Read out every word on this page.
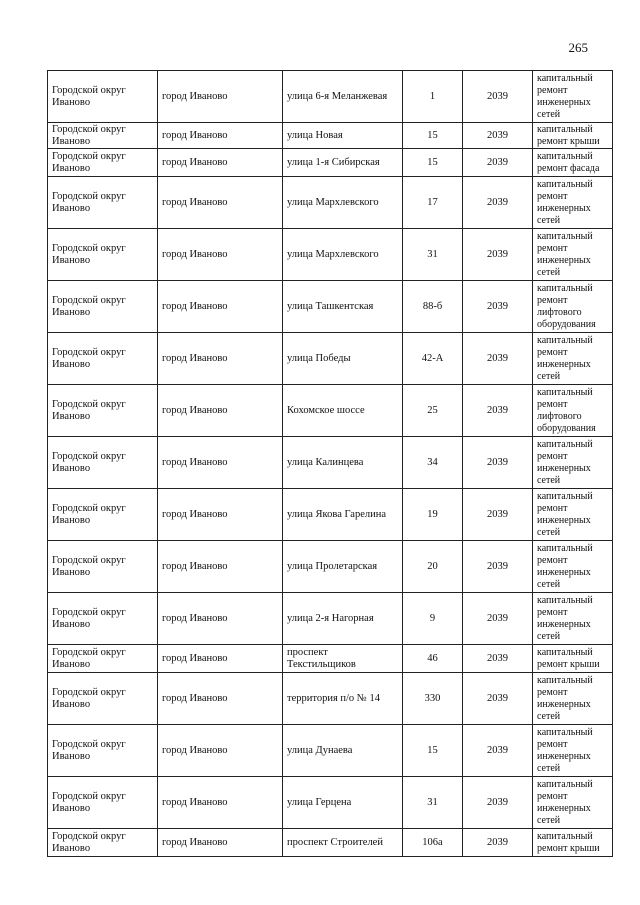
265
Городской округ Иваново	город Иваново	улица 6-я Меланжевая	1	2039	капитальный ремонт инженерных сетей
Городской округ Иваново	город Иваново	улица Новая	15	2039	капитальный ремонт крыши
Городской округ Иваново	город Иваново	улица 1-я Сибирская	15	2039	капитальный ремонт фасада
Городской округ Иваново	город Иваново	улица Мархлевского	17	2039	капитальный ремонт инженерных сетей
Городской округ Иваново	город Иваново	улица Мархлевского	31	2039	капитальный ремонт инженерных сетей
Городской округ Иваново	город Иваново	улица Ташкентская	88-б	2039	капитальный ремонт лифтового оборудования
Городской округ Иваново	город Иваново	улица Победы	42-А	2039	капитальный ремонт инженерных сетей
Городской округ Иваново	город Иваново	Кохомское шоссе	25	2039	капитальный ремонт лифтового оборудования
Городской округ Иваново	город Иваново	улица Калинцева	34	2039	капитальный ремонт инженерных сетей
Городской округ Иваново	город Иваново	улица Якова Гарелина	19	2039	капитальный ремонт инженерных сетей
Городской округ Иваново	город Иваново	улица Пролетарская	20	2039	капитальный ремонт инженерных сетей
Городской округ Иваново	город Иваново	улица 2-я Нагорная	9	2039	капитальный ремонт инженерных сетей
Городской округ Иваново	город Иваново	проспект Текстильщиков	46	2039	капитальный ремонт крыши
Городской округ Иваново	город Иваново	территория п/о № 14	330	2039	капитальный ремонт инженерных сетей
Городской округ Иваново	город Иваново	улица Дунаева	15	2039	капитальный ремонт инженерных сетей
Городской округ Иваново	город Иваново	улица Герцена	31	2039	капитальный ремонт инженерных сетей
Городской округ Иваново	город Иваново	проспект Строителей	106а	2039	капитальный ремонт крыши
